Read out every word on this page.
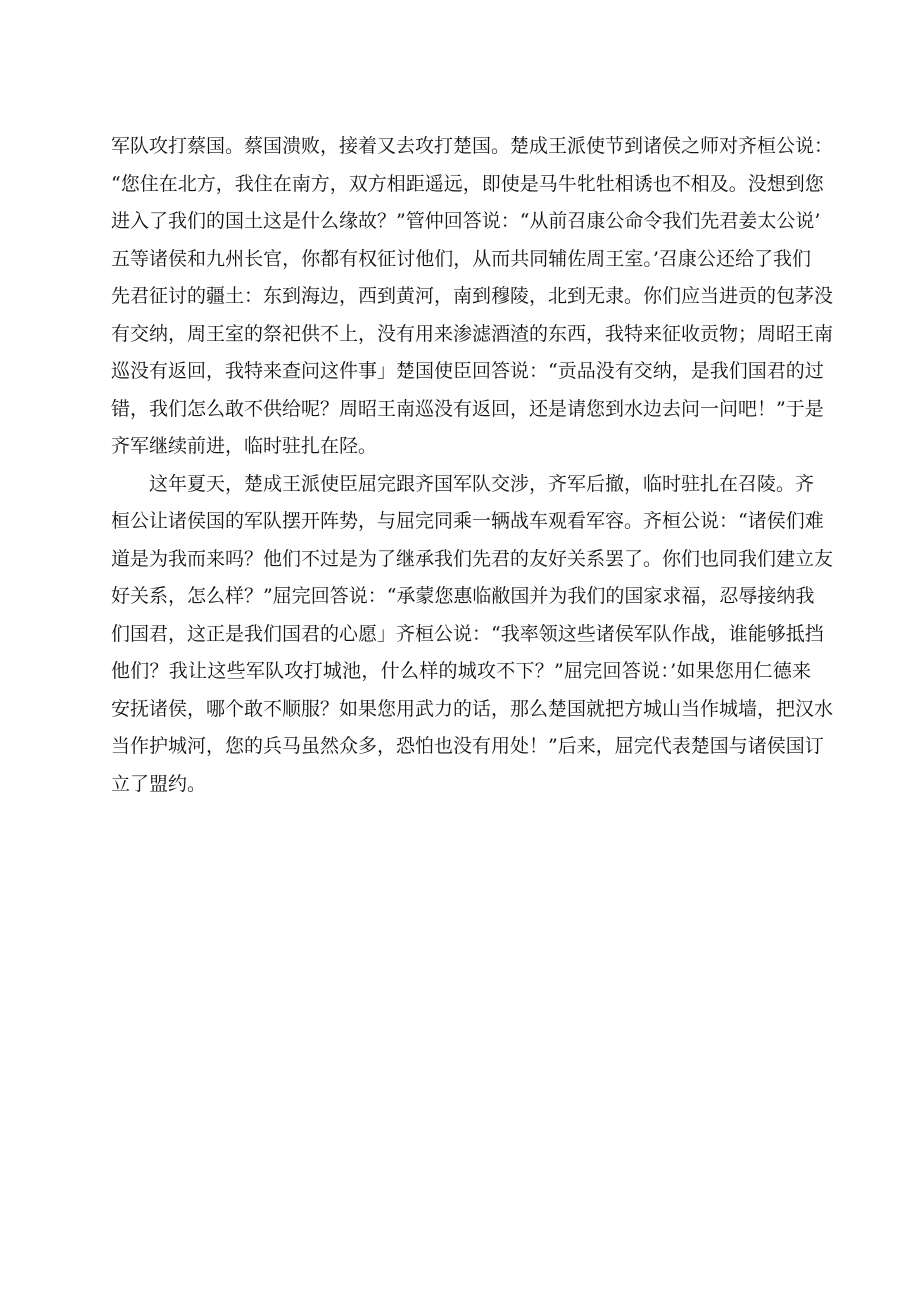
军队攻打蔡国。蔡国溃败，接着又去攻打楚国。楚成王派使节到诸侯之师对齐桓公说：
“您住在北方，我住在南方，双方相距遥远，即使是马牛牝牡相诱也不相及。没想到您
进入了我们的国土这是什么缘故？”管仲回答说：“从前召康公命令我们先君姜太公说’
五等诸侯和九州长官，你都有权征讨他们，从而共同辅佐周王室。’召康公还给了我们
先君征讨的疆土：东到海边，西到黄河，南到穆陵，北到无隶。你们应当进贡的包茅没
有交纳，周王室的祭祀供不上，没有用来渗滤酒渣的东西，我特来征收贡物；周昭王南
巡没有返回，我特来查问这件事」楚国使臣回答说：“贡品没有交纳，是我们国君的过
错，我们怎么敢不供给呢？周昭王南巡没有返回，还是请您到水边去问一问吧！”于是
齐军继续前进，临时驻扎在陉。
这年夏天，楚成王派使臣屈完跟齐国军队交涉，齐军后撤，临时驻扎在召陵。齐
桓公让诸侯国的军队摆开阵势，与屈完同乘一辆战车观看军容。齐桓公说：“诸侯们难
道是为我而来吗？他们不过是为了继承我们先君的友好关系罢了。你们也同我们建立友
好关系，怎么样？”屈完回答说：“承蒙您惠临敝国并为我们的国家求福，忍辱接纳我
们国君，这正是我们国君的心愿」齐桓公说：“我率领这些诸侯军队作战，谁能够抵挡
他们？我让这些军队攻打城池，什么样的城攻不下？”屈完回答说：’如果您用仁德来
安抚诸侯，哪个敢不顺服？如果您用武力的话，那么楚国就把方城山当作城墙，把汉水
当作护城河，您的兵马虽然众多，恐怕也没有用处！”后来，屈完代表楚国与诸侯国订
立了盟约。
